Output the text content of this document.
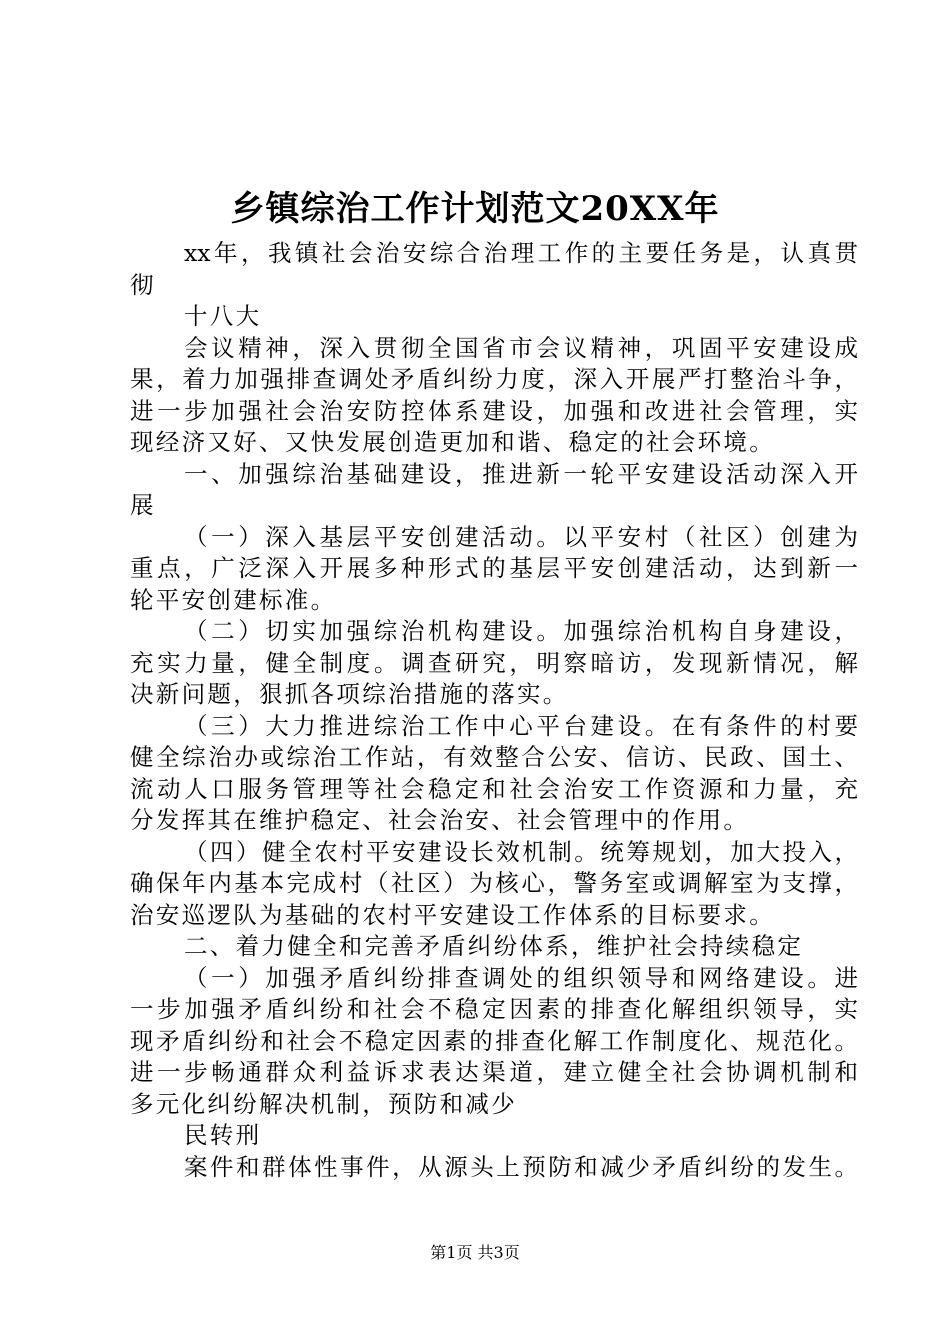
乡镇综治工作计划范文20XX年
xx年，我镇社会治安综合治理工作的主要任务是，认真贯
彻
十八大
会议精神，深入贯彻全国省市会议精神，巩固平安建设成
果，着力加强排查调处矛盾纠纷力度，深入开展严打整治斗争，
进一步加强社会治安防控体系建设，加强和改进社会管理，实
现经济又好、又快发展创造更加和谐、稳定的社会环境。
一、加强综治基础建设，推进新一轮平安建设活动深入开
展
（一）深入基层平安创建活动。以平安村（社区）创建为
重点，广泛深入开展多种形式的基层平安创建活动，达到新一
轮平安创建标准。
（二）切实加强综治机构建设。加强综治机构自身建设，
充实力量，健全制度。调查研究，明察暗访，发现新情况，解
决新问题，狠抓各项综治措施的落实。
（三）大力推进综治工作中心平台建设。在有条件的村要
健全综治办或综治工作站，有效整合公安、信访、民政、国土、
流动人口服务管理等社会稳定和社会治安工作资源和力量，充
分发挥其在维护稳定、社会治安、社会管理中的作用。
（四）健全农村平安建设长效机制。统筹规划，加大投入，
确保年内基本完成村（社区）为核心，警务室或调解室为支撑，
治安巡逻队为基础的农村平安建设工作体系的目标要求。
二、着力健全和完善矛盾纠纷体系，维护社会持续稳定
（一）加强矛盾纠纷排查调处的组织领导和网络建设。进
一步加强矛盾纠纷和社会不稳定因素的排查化解组织领导，实
现矛盾纠纷和社会不稳定因素的排查化解工作制度化、规范化。
进一步畅通群众利益诉求表达渠道，建立健全社会协调机制和
多元化纠纷解决机制，预防和减少
民转刑
案件和群体性事件，从源头上预防和减少矛盾纠纷的发生。
第1页 共3页
